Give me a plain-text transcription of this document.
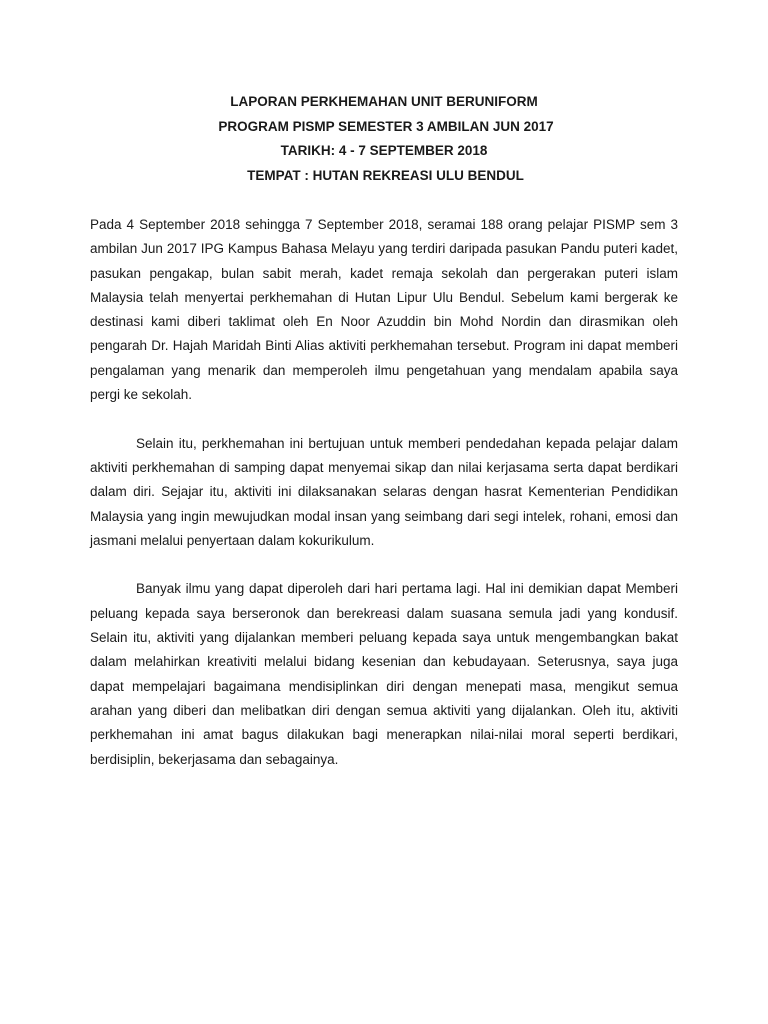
LAPORAN PERKHEMAHAN UNIT BERUNIFORM
PROGRAM PISMP SEMESTER 3 AMBILAN JUN 2017
TARIKH: 4 - 7 SEPTEMBER 2018
TEMPAT : HUTAN REKREASI ULU BENDUL

Pada 4 September 2018 sehingga 7 September 2018, seramai 188 orang pelajar PISMP sem 3 ambilan Jun 2017 IPG Kampus Bahasa Melayu yang terdiri daripada pasukan Pandu puteri kadet, pasukan pengakap, bulan sabit merah, kadet remaja sekolah dan pergerakan puteri islam Malaysia telah menyertai perkhemahan di Hutan Lipur Ulu Bendul. Sebelum kami bergerak ke destinasi kami diberi taklimat oleh En Noor Azuddin bin Mohd Nordin dan dirasmikan oleh pengarah Dr. Hajah Maridah Binti Alias aktiviti perkhemahan tersebut. Program ini dapat memberi pengalaman yang menarik dan memperoleh ilmu pengetahuan yang mendalam apabila saya pergi ke sekolah.

Selain itu, perkhemahan ini bertujuan untuk memberi pendedahan kepada pelajar dalam aktiviti perkhemahan di samping dapat menyemai sikap dan nilai kerjasama serta dapat berdikari dalam diri. Sejajar itu, aktiviti ini dilaksanakan selaras dengan hasrat Kementerian Pendidikan Malaysia yang ingin mewujudkan modal insan yang seimbang dari segi intelek, rohani, emosi dan jasmani melalui penyertaan dalam kokurikulum.

Banyak ilmu yang dapat diperoleh dari hari pertama lagi. Hal ini demikian dapat Memberi peluang kepada saya berseronok dan berekreasi dalam suasana semula jadi yang kondusif. Selain itu, aktiviti yang dijalankan memberi peluang kepada saya untuk mengembangkan bakat dalam melahirkan kreativiti melalui bidang kesenian dan kebudayaan. Seterusnya, saya juga dapat mempelajari bagaimana mendisiplinkan diri dengan menepati masa, mengikut semua arahan yang diberi dan melibatkan diri dengan semua aktiviti yang dijalankan. Oleh itu, aktiviti perkhemahan ini amat bagus dilakukan bagi menerapkan nilai-nilai moral seperti berdikari, berdisiplin, bekerjasama dan sebagainya.
